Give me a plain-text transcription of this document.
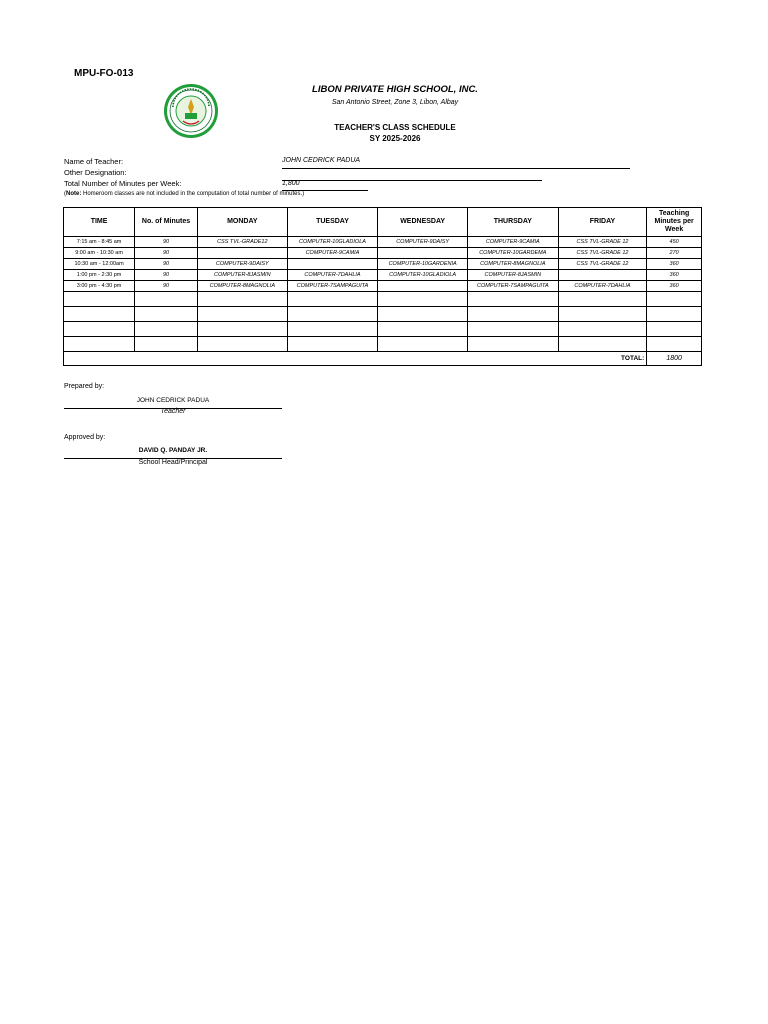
MPU-FO-013
LIBON PRIVATE HIGH SCHOOL, INC.
San Antonio Street, Zone 3, Libon, Albay
TEACHER'S CLASS SCHEDULE
SY 2025-2026
Name of Teacher:	JOHN CEDRICK PADUA
Other Designation:
Total Number of Minutes per Week:	1,800
(Note: Homeroom classes are not included in the computation of total number of minutes.)
TIME	No. of Minutes	MONDAY	TUESDAY	WEDNESDAY	THURSDAY	FRIDAY	Teaching Minutes per Week
7:15 am - 8:45 am	90	CSS TVL-GRADE12	COMPUTER-10GLADIOLA	COMPUTER-9DAISY	COMPUTER-9CAMIA	CSS TVL-GRADE 12	450
9:00 am - 10:30 am	90		COMPUTER-9CAMIA		COMPUTER-10GARDEMA	CSS TVL-GRADE 12	270
10:30 am - 12:00am	90	COMPUTER-9DAISY		COMPUTER-10GARDENIA	COMPUTER-8MAGNOLIA	CSS TVL-GRADE 12	360
1:00 pm - 2:30 pm	90	COMPUTER-8JASMIN	COMPUTER-7DAHLIA	COMPUTER-10GLADIOLA	COMPUTER-8JASMIN		360
3:00 pm - 4:30 pm	90	COMPUTER-8MAGNOLIA	COMPUTER-7SAMPAGUITA		COMPUTER-7SAMPAGUITA	COMPUTER-7DAHLIA	360

TOTAL:							1800
Prepared by:
JOHN CEDRICK PADUA
Teacher
Approved by:
DAVID Q. PANDAY JR.
School Head/Principal
